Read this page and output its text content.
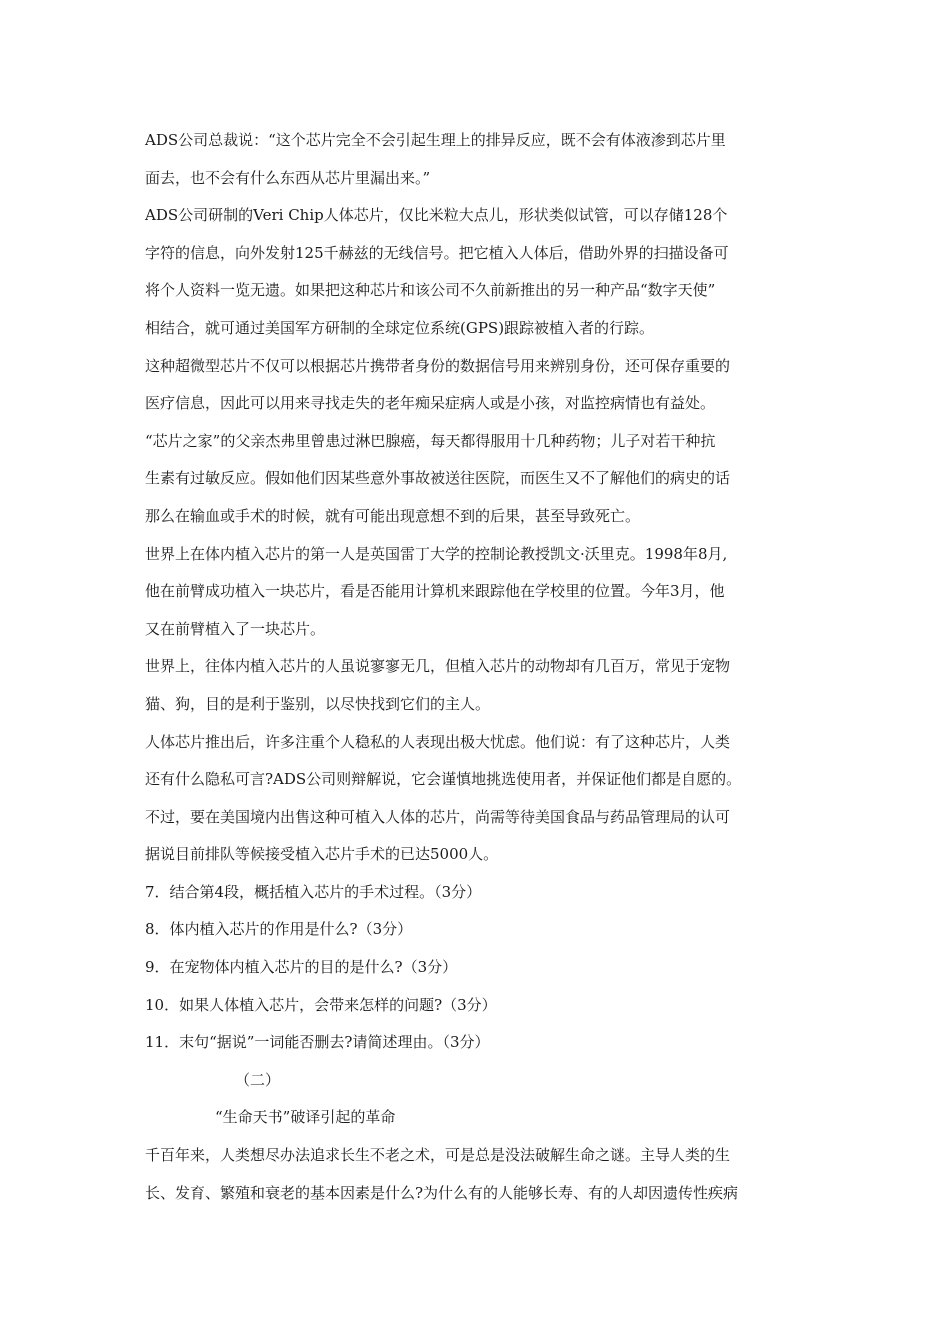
ADS公司总裁说：“这个芯片完全不会引起生理上的排异反应，既不会有体液渗到芯片里

面去，也不会有什么东西从芯片里漏出来。”

ADS公司研制的Veri Chip人体芯片，仅比米粒大点儿，形状类似试管，可以存储128个

字符的信息，向外发射125千赫兹的无线信号。把它植入人体后，借助外界的扫描设备可

将个人资料一览无遗。如果把这种芯片和该公司不久前新推出的另一种产品“数字天使”

相结合，就可通过美国军方研制的全球定位系统(GPS)跟踪被植入者的行踪。

这种超微型芯片不仅可以根据芯片携带者身份的数据信号用来辨别身份，还可保存重要的

医疗信息，因此可以用来寻找走失的老年痴呆症病人或是小孩，对监控病情也有益处。

“芯片之家”的父亲杰弗里曾患过淋巴腺癌，每天都得服用十几种药物；儿子对若干种抗

生素有过敏反应。假如他们因某些意外事故被送往医院，而医生又不了解他们的病史的话

那么在输血或手术的时候，就有可能出现意想不到的后果，甚至导致死亡。

世界上在体内植入芯片的第一人是英国雷丁大学的控制论教授凯文·沃里克。1998年8月,

他在前臂成功植入一块芯片，看是否能用计算机来跟踪他在学校里的位置。今年3月，他

又在前臂植入了一块芯片。

世界上，往体内植入芯片的人虽说寥寥无几，但植入芯片的动物却有几百万，常见于宠物

猫、狗，目的是利于鉴别，以尽快找到它们的主人。

人体芯片推出后，许多注重个人稳私的人表现出极大忧虑。他们说：有了这种芯片，人类

还有什么隐私可言?ADS公司则辩解说，它会谨慎地挑选使用者，并保证他们都是自愿的。

不过，要在美国境内出售这种可植入人体的芯片，尚需等待美国食品与药品管理局的认可

据说目前排队等候接受植入芯片手术的已达5000人。

7．结合第4段，概括植入芯片的手术过程。（3分）

8．体内植入芯片的作用是什么?（3分）

9．在宠物体内植入芯片的目的是什么?（3分）

10．如果人体植入芯片，会带来怎样的问题?（3分）

11．末句“据说”一词能否删去?请简述理由。（3分）

（二）

“生命天书”破译引起的革命

千百年来，人类想尽办法追求长生不老之术，可是总是没法破解生命之谜。主导人类的生

长、发育、繁殖和衰老的基本因素是什么?为什么有的人能够长寿、有的人却因遗传性疾病
